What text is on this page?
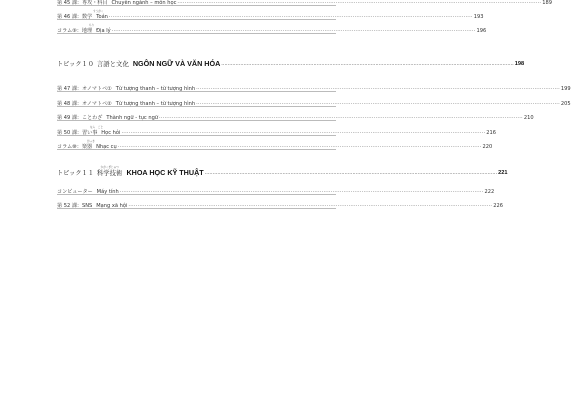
第 45 課：専攻・科目 Chuyên ngành – môn học ........................................................................................................................................................................................................ 189
第 46 課：数学
すうがく
Toán ........................................................................................................................................................................................................ 193
コラム⑨：地理
ちり
Địa lý ........................................................................................................................................................................................................ 196
トピック１０ 言語と文化 NGÔN NGỮ VÀ VĂN HÓA ........................................................................................................................................................................................ 198
第 47 課：オノマトペ① Từ tượng thanh – từ tượng hình ........................................................................................................................................................................................................ 199
第 48 課：オノマトペ② Từ tượng thanh – từ tượng hình ........................................................................................................................................................................................................ 205
第 49 課：ことわざ Thành ngữ - tục ngữ ........................................................................................................................................................................................................ 210
第 50 課：習い事
なら　ごと
Học hỏi ........................................................................................................................................................................................................ 216
コラム⑩：楽器
がっき
Nhạc cụ ........................................................................................................................................................................................................ 220
トピック１１ 科学技術
かがくぎじゅつ
KHOA HỌC KỸ THUẬT ........................................................................................................................................................................................ 221
コンピューター Máy tính ........................................................................................................................................................................................................ 222
第 52 課：SNS Mạng xã hội ........................................................................................................................................................................................................ 226
